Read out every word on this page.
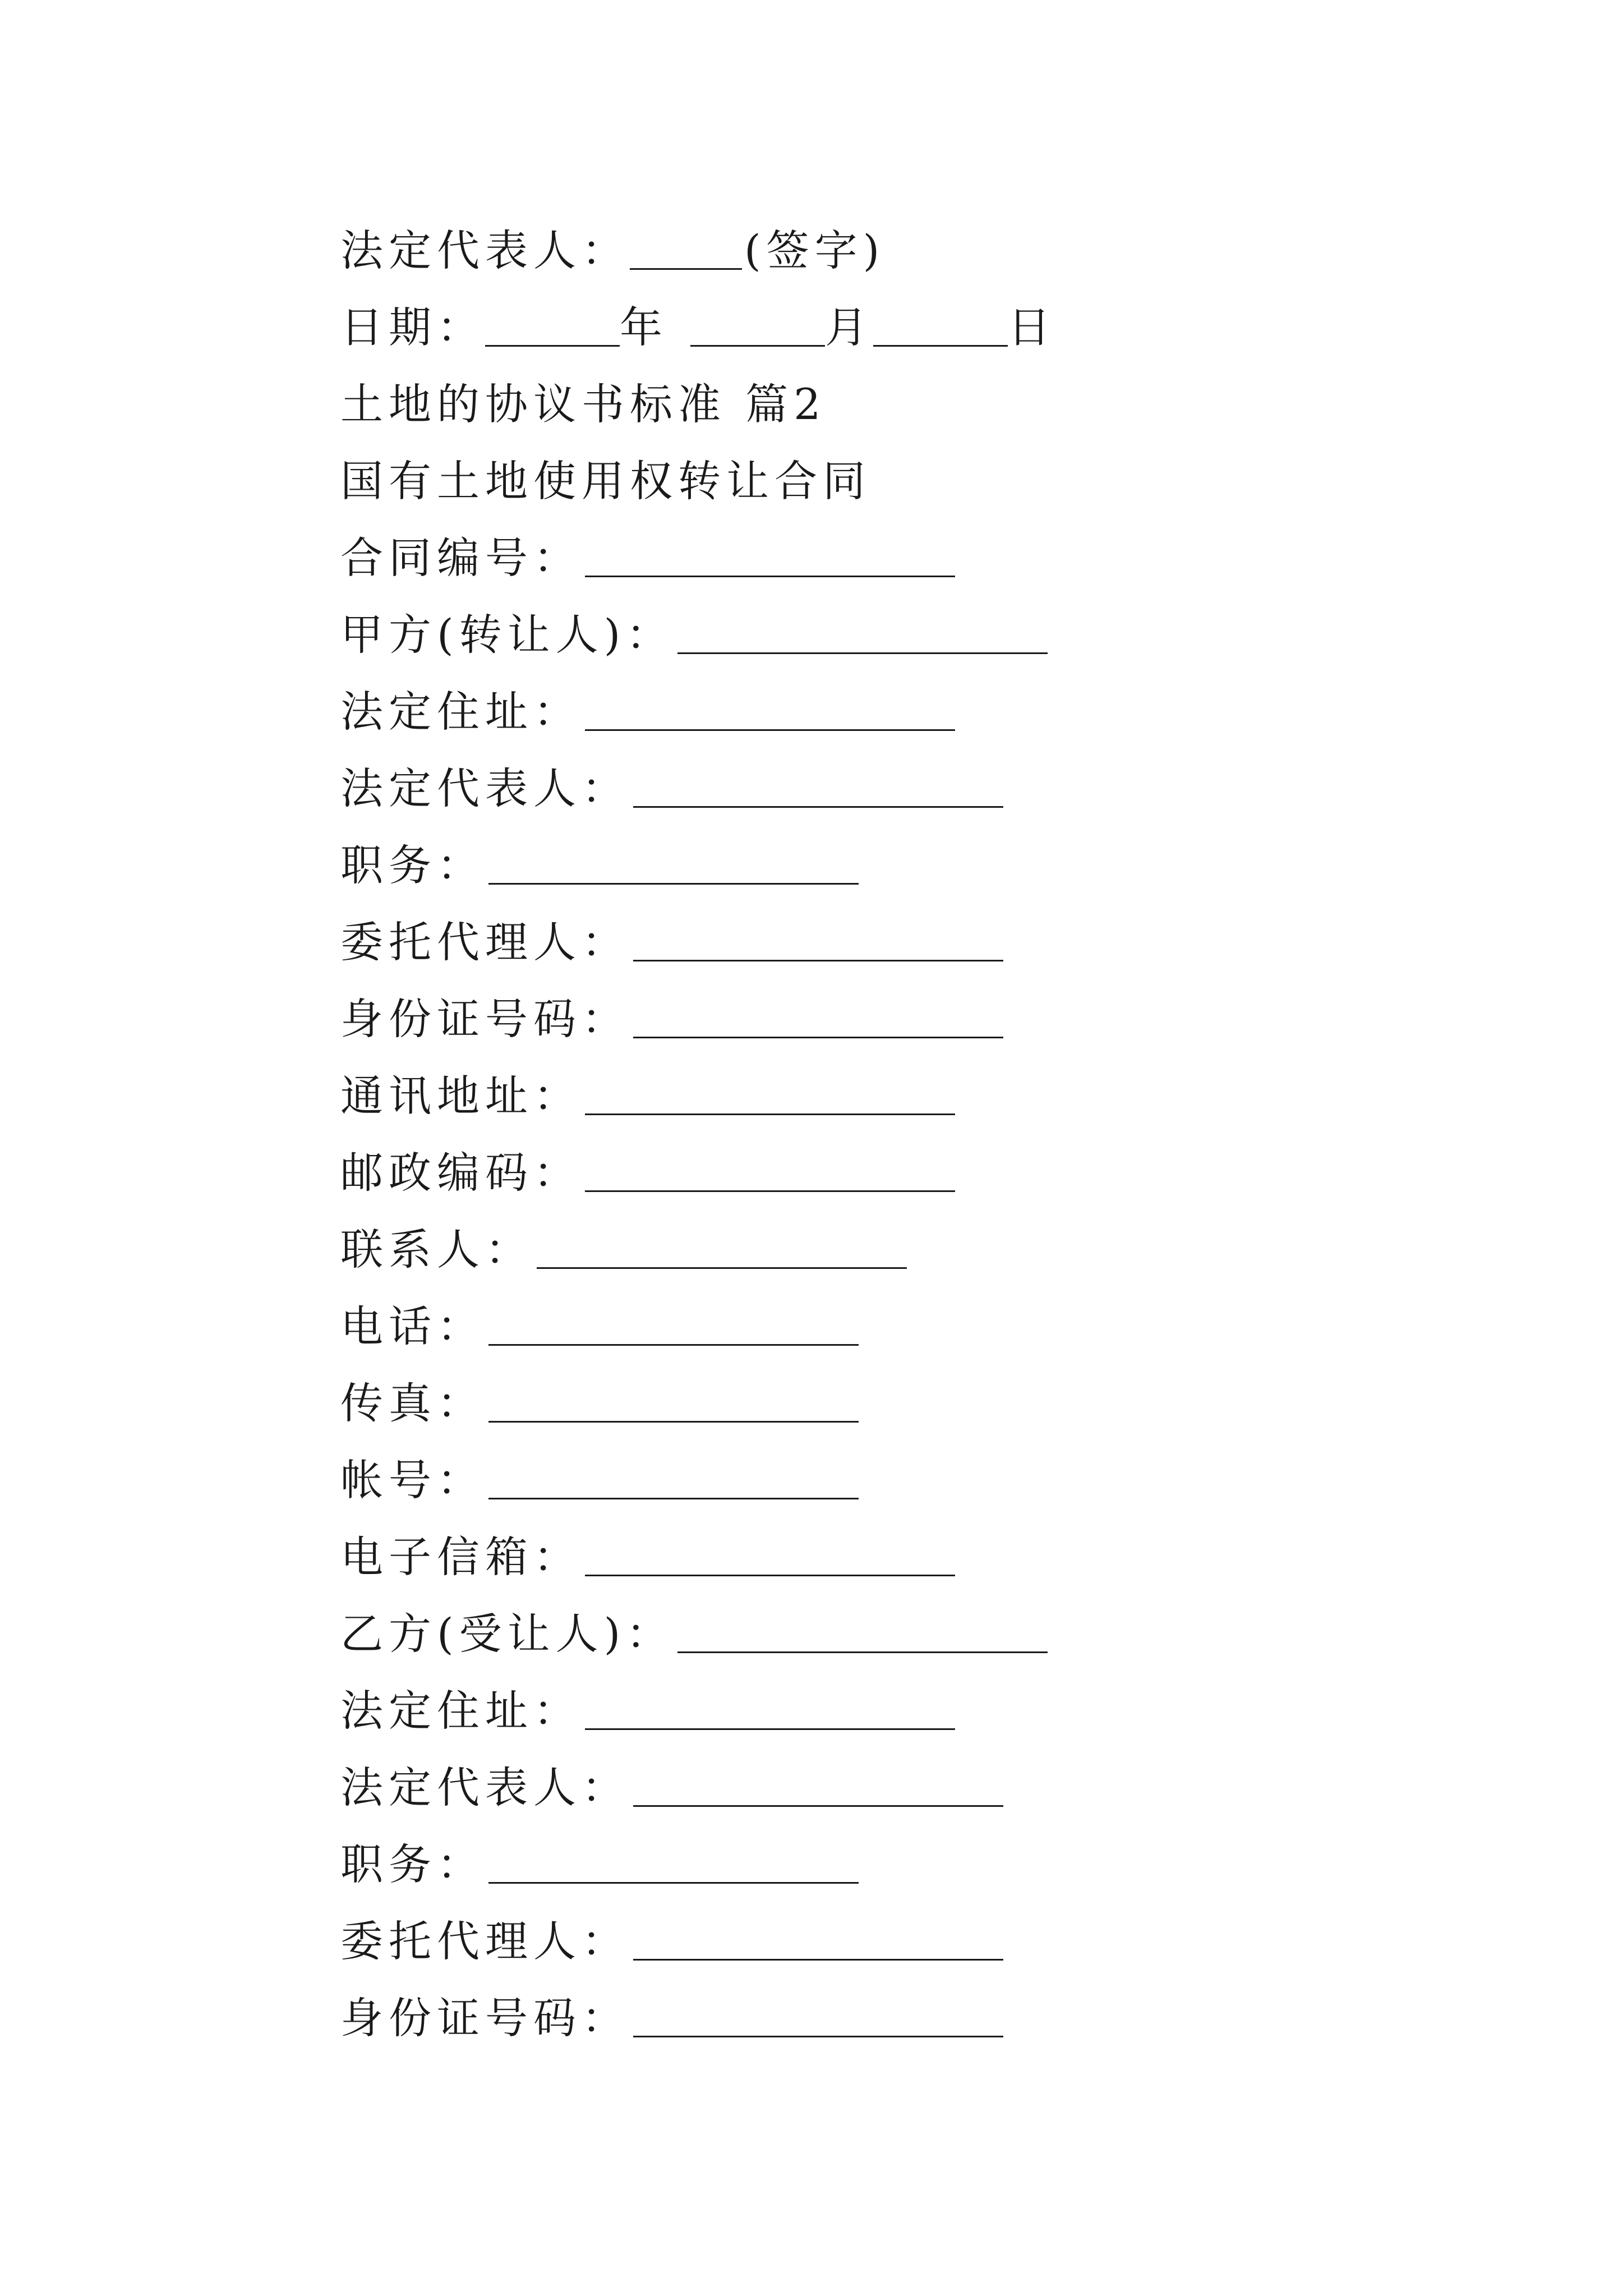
法定代表人：	(签字)
日期：	年	月	日
土地的协议书标准 篇2
国有土地使用权转让合同
合同编号：
甲方(转让人)：
法定住址：
法定代表人：
职务：
委托代理人：
身份证号码：
通讯地址：
邮政编码：
联系人：
电话：
传真：
帐号：
电子信箱：
乙方(受让人)：
法定住址：
法定代表人：
职务：
委托代理人：
身份证号码：
